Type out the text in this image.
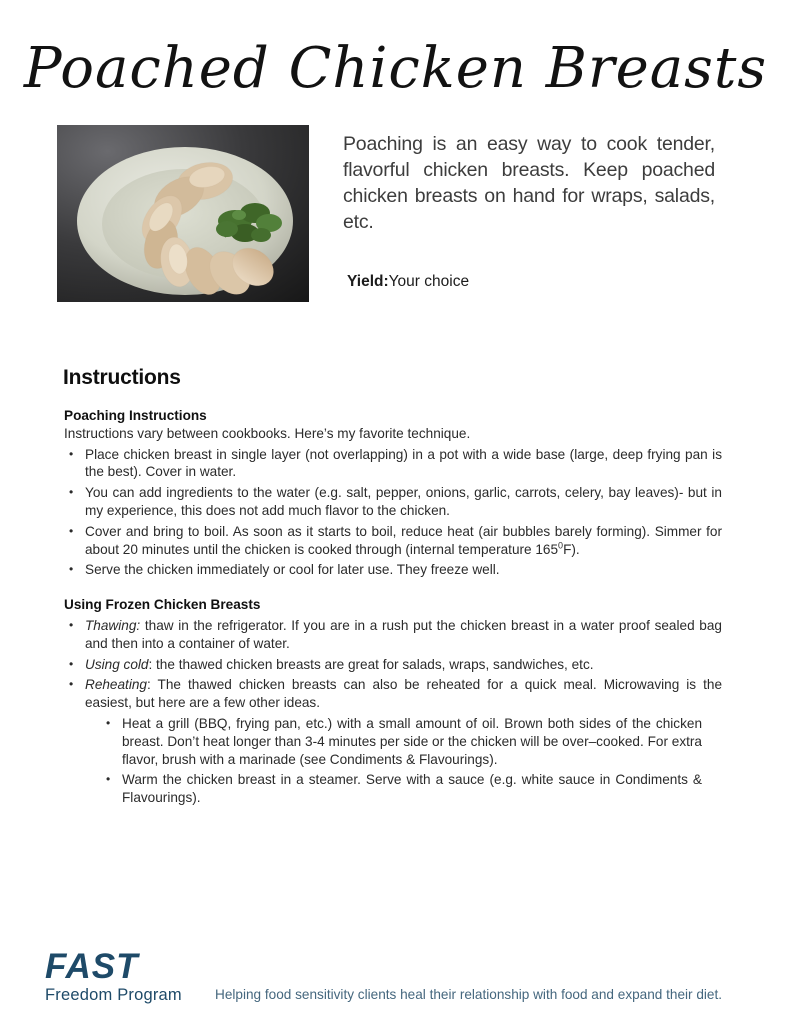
Poached Chicken Breasts
Poaching is an easy way to cook tender, flavorful chicken breasts. Keep poached chicken breasts on hand for wraps, salads, etc.
Yield:Your choice
Instructions
Poaching Instructions
Instructions vary between cookbooks. Here’s my favorite technique.
• Place chicken breast in single layer (not overlapping) in a pot with a wide base (large, deep frying pan is the best). Cover in water.
• You can add ingredients to the water (e.g. salt, pepper, onions, garlic, carrots, celery, bay leaves)- but in my experience, this does not add much flavor to the chicken.
• Cover and bring to boil. As soon as it starts to boil, reduce heat (air bubbles barely forming). Simmer for about 20 minutes until the chicken is cooked through (internal temperature $165^0F$).
• Serve the chicken immediately or cool for later use. They freeze well.
Using Frozen Chicken Breasts
• Thawing: thaw in the refrigerator. If you are in a rush put the chicken breast in a water proof sealed bag and then into a container of water.
• Using cold: the thawed chicken breasts are great for salads, wraps, sandwiches, etc.
• Reheating: The thawed chicken breasts can also be reheated for a quick meal. Microwaving is the easiest, but here are a few other ideas.
• Heat a grill (BBQ, frying pan, etc.) with a small amount of oil. Brown both sides of the chicken breast. Don’t heat longer than 3-4 minutes per side or the chicken will be over–cooked. For extra flavor, brush with a marinade (see Condiments & Flavourings).
• Warm the chicken breast in a steamer. Serve with a sauce (e.g. white sauce in Condiments & Flavourings).
FAST
Freedom Program Helping food sensitivity clients heal their relationship with food and expand their diet.
